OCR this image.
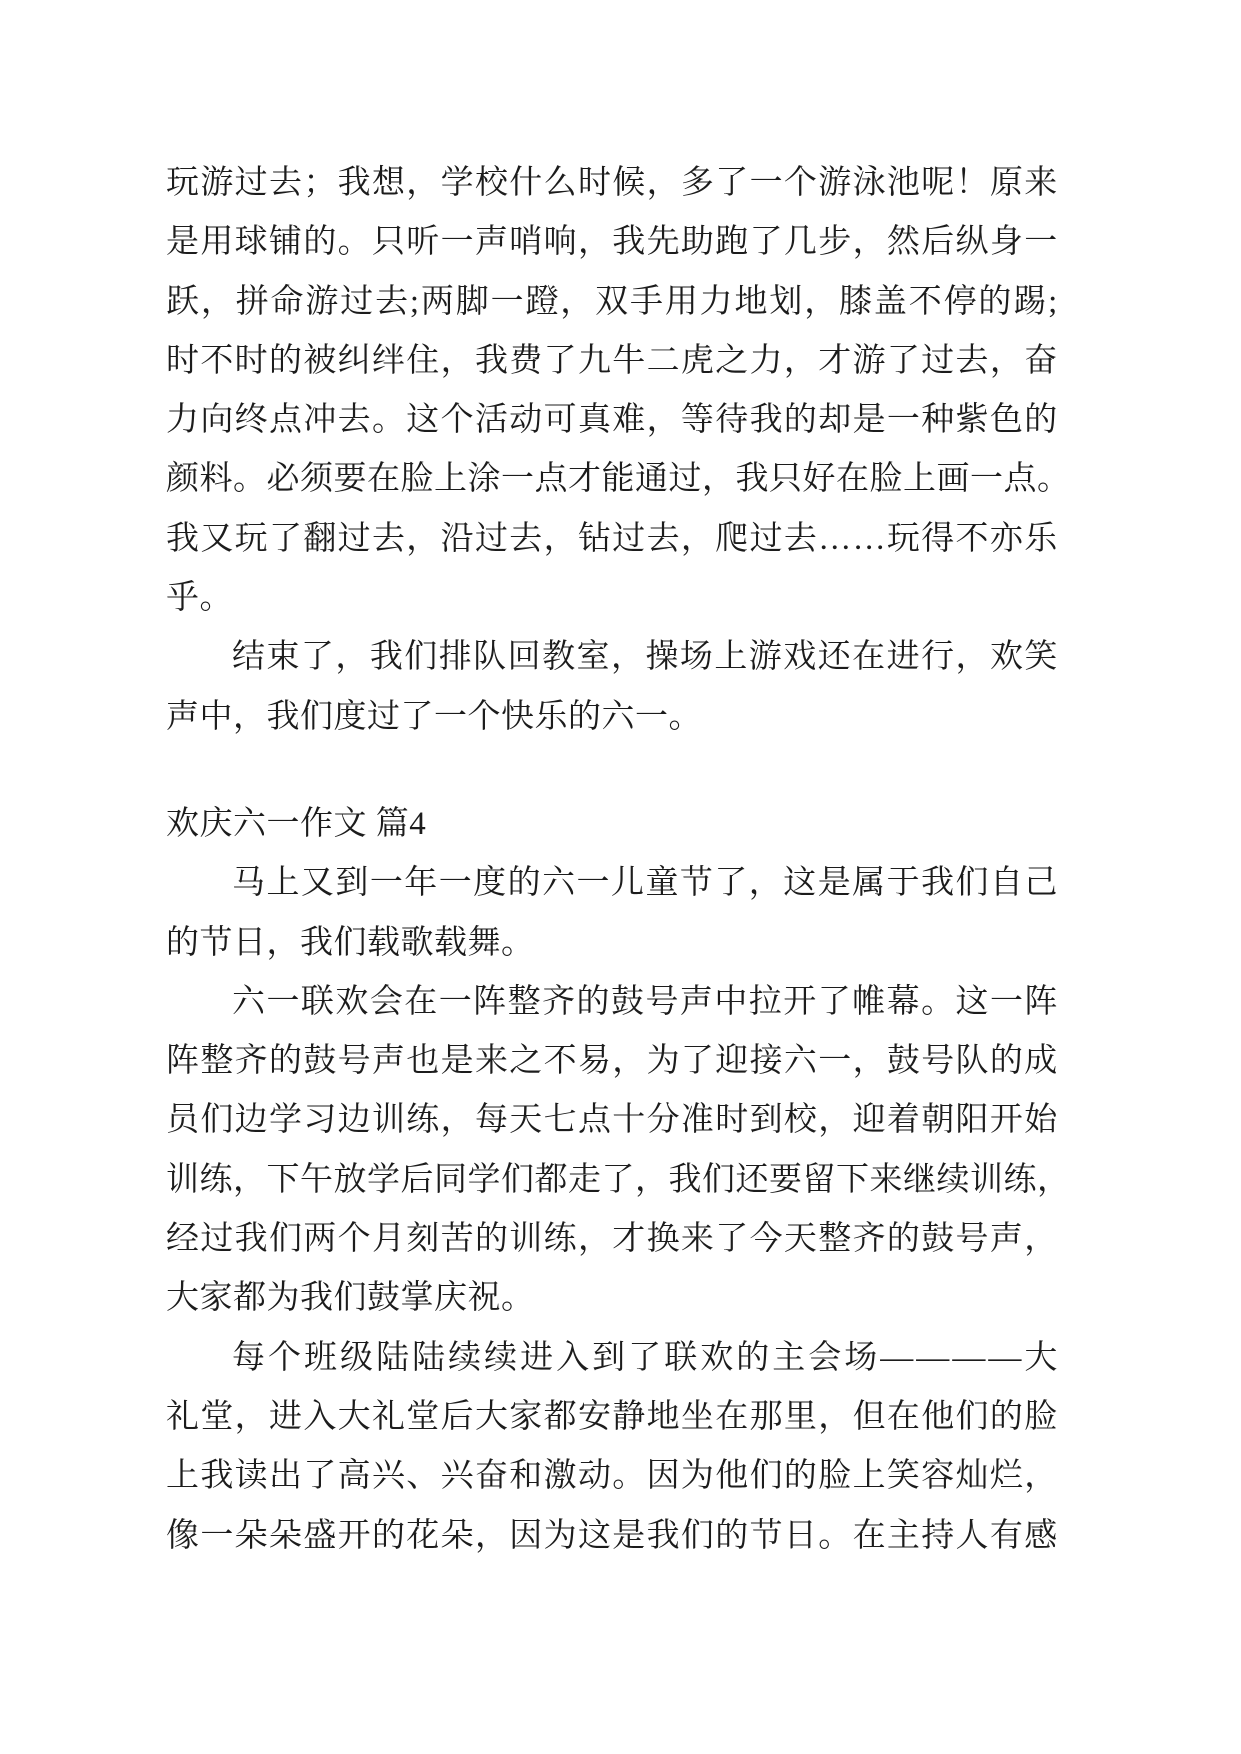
玩 游 过 去 ； 我 想 ， 学 校 什 么 时 候 ， 多 了 一 个 游 泳 池 呢 ！ 原 来
是 用 球 铺 的 。 只 听 一 声 哨 响 ， 我 先 助 跑 了 几 步 ， 然 后 纵 身 一
跃 ， 拼 命 游 过 去 ; 两 脚 一 蹬 ， 双 手 用 力 地 划 ， 膝 盖 不 停 的 踢 ;
时 不 时 的 被 纠 绊 住 ， 我 费 了 九 牛 二 虎 之 力 ， 才 游 了 过 去 ， 奋
力 向 终 点 冲 去 。 这 个 活 动 可 真 难 ， 等 待 我 的 却 是 一 种 紫 色 的
颜 料 。 必 须 要 在 脸 上 涂 一 点 才 能 通 过 ， 我 只 好 在 脸 上 画 一 点 。
我 又 玩 了 翻 过 去 ， 沿 过 去 ， 钻 过 去 ， 爬 过 去 … … 玩 得 不 亦 乐
乎。
结 束 了 ， 我 们 排 队 回 教 室 ， 操 场 上 游 戏 还 在 进 行 ， 欢 笑
声中，我们度过了一个快乐的六一。
欢庆六一作文 篇4
马 上 又 到 一 年 一 度 的 六 一 儿 童 节 了 ， 这 是 属 于 我 们 自 己
的节日，我们载歌载舞。
六 一 联 欢 会 在 一 阵 整 齐 的 鼓 号 声 中 拉 开 了 帷 幕 。 这 一 阵
阵 整 齐 的 鼓 号 声 也 是 来 之 不 易 ， 为 了 迎 接 六 一 ， 鼓 号 队 的 成
员 们 边 学 习 边 训 练 ， 每 天 七 点 十 分 准 时 到 校 ， 迎 着 朝 阳 开 始
训 练 ， 下 午 放 学 后 同 学 们 都 走 了 ， 我 们 还 要 留 下 来 继 续 训 练 ，
经 过 我 们 两 个 月 刻 苦 的 训 练 ， 才 换 来 了 今 天 整 齐 的 鼓 号 声 ，
大家都为我们鼓掌庆祝。
每 个 班 级 陆 陆 续 续 进 入 到 了 联 欢 的 主 会 场 — — — — 大
礼 堂 ， 进 入 大 礼 堂 后 大 家 都 安 静 地 坐 在 那 里 ， 但 在 他 们 的 脸
上 我 读 出 了 高 兴 、 兴 奋 和 激 动 。 因 为 他 们 的 脸 上 笑 容 灿 烂 ，
像 一 朵 朵 盛 开 的 花 朵 ， 因 为 这 是 我 们 的 节 日 。 在 主 持 人 有 感
